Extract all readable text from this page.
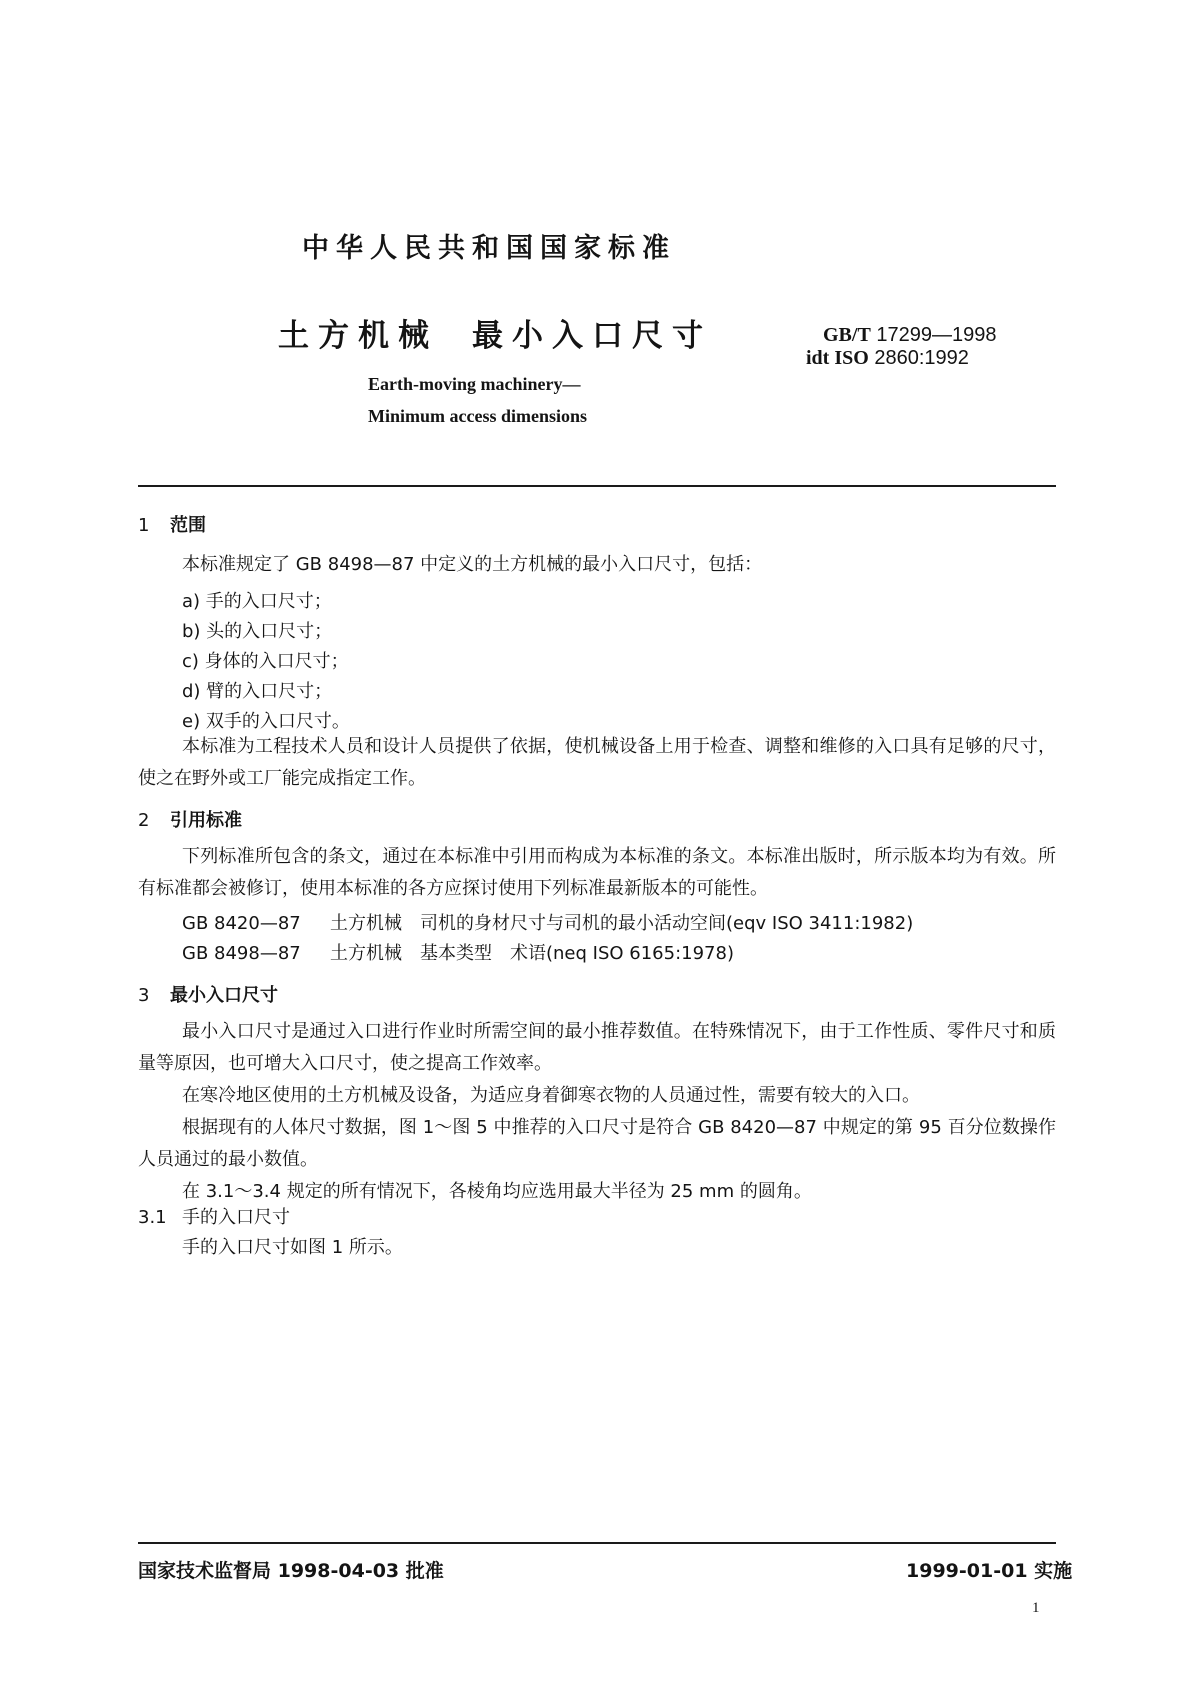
中华人民共和国国家标准
土方机械 最小入口尺寸	GB/T 17299—1998
idt ISO 2860:1992
Earth-moving machinery—
Minimum access dimensions
1 范围
本标准规定了 GB 8498—87 中定义的土方机械的最小入口尺寸，包括：
a) 手的入口尺寸；
b) 头的入口尺寸；
c) 身体的入口尺寸；
d) 臂的入口尺寸；
e) 双手的入口尺寸。
本标准为工程技术人员和设计人员提供了依据，使机械设备上用于检查、调整和维修的入口具有足够的尺寸，使之在野外或工厂能完成指定工作。
2 引用标准
下列标准所包含的条文，通过在本标准中引用而构成为本标准的条文。本标准出版时，所示版本均为有效。所有标准都会被修订，使用本标准的各方应探讨使用下列标准最新版本的可能性。
GB 8420—87 土方机械　司机的身材尺寸与司机的最小活动空间(eqv ISO 3411:1982)
GB 8498—87 土方机械　基本类型　术语(neq ISO 6165:1978)
3 最小入口尺寸
最小入口尺寸是通过入口进行作业时所需空间的最小推荐数值。在特殊情况下，由于工作性质、零件尺寸和质量等原因，也可增大入口尺寸，使之提高工作效率。
在寒冷地区使用的土方机械及设备，为适应身着御寒衣物的人员通过性，需要有较大的入口。
根据现有的人体尺寸数据，图 1～图 5 中推荐的入口尺寸是符合 GB 8420—87 中规定的第 95 百分位数操作人员通过的最小数值。
在 3.1～3.4 规定的所有情况下，各棱角均应选用最大半径为 25 mm 的圆角。
3.1 手的入口尺寸
手的入口尺寸如图 1 所示。
国家技术监督局 1998-04-03 批准	1999-01-01 实施
1
